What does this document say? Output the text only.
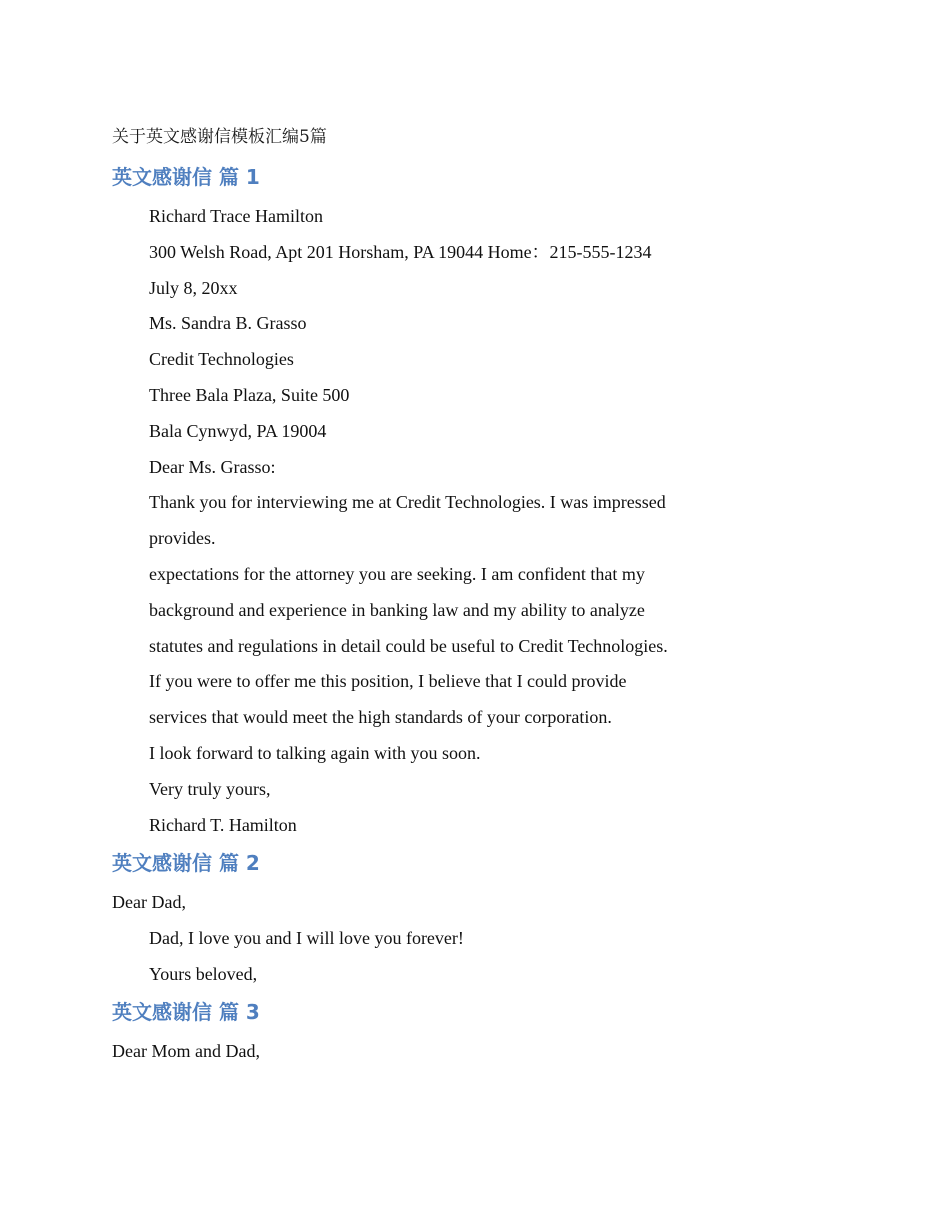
关于英文感谢信模板汇编5篇
英文感谢信 篇 1
Richard Trace Hamilton
300 Welsh Road, Apt 201 Horsham, PA 19044 Home：215-555-1234
July 8, 20xx
Ms. Sandra B. Grasso
Credit Technologies
Three Bala Plaza, Suite 500
Bala Cynwyd, PA 19004
Dear Ms. Grasso:
Thank you for interviewing me at Credit Technologies. I was impressed
provides.
expectations for the attorney you are seeking. I am confident that my
background and experience in banking law and my ability to analyze
statutes and regulations in detail could be useful to Credit Technologies.
If you were to offer me this position, I believe that I could provide
services that would meet the high standards of your corporation.
I look forward to talking again with you soon.
Very truly yours,
Richard T. Hamilton
英文感谢信 篇 2
Dear Dad,
Dad, I love you and I will love you forever!
Yours beloved,
英文感谢信 篇 3
Dear Mom and Dad,
